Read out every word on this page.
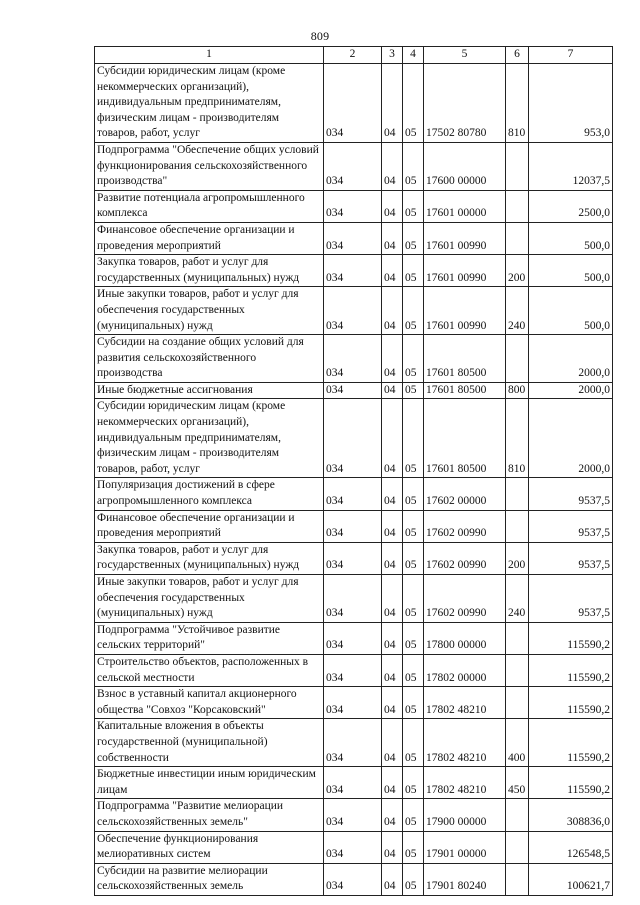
809
1	2	3	4	5	6	7
Субсидии юридическим лицам (кроме некоммерческих организаций), индивидуальным предпринимателям, физическим лицам - производителям товаров, работ, услуг	034	04	05	17502 80780	810	953,0
Подпрограмма "Обеспечение общих условий функционирования сельскохозяйственного производства"	034	04	05	17600 00000		12037,5
Развитие потенциала агропромышленного комплекса	034	04	05	17601 00000		2500,0
Финансовое обеспечение организации и проведения мероприятий	034	04	05	17601 00990		500,0
Закупка товаров, работ и услуг для государственных (муниципальных) нужд	034	04	05	17601 00990	200	500,0
Иные закупки товаров, работ и услуг для обеспечения государственных (муниципальных) нужд	034	04	05	17601 00990	240	500,0
Субсидии на создание общих условий для развития сельскохозяйственного производства	034	04	05	17601 80500		2000,0
Иные бюджетные ассигнования	034	04	05	17601 80500	800	2000,0
Субсидии юридическим лицам (кроме некоммерческих организаций), индивидуальным предпринимателям, физическим лицам - производителям товаров, работ, услуг	034	04	05	17601 80500	810	2000,0
Популяризация достижений в сфере агропромышленного комплекса	034	04	05	17602 00000		9537,5
Финансовое обеспечение организации и проведения мероприятий	034	04	05	17602 00990		9537,5
Закупка товаров, работ и услуг для государственных (муниципальных) нужд	034	04	05	17602 00990	200	9537,5
Иные закупки товаров, работ и услуг для обеспечения государственных (муниципальных) нужд	034	04	05	17602 00990	240	9537,5
Подпрограмма "Устойчивое развитие сельских территорий"	034	04	05	17800 00000		115590,2
Строительство объектов, расположенных в сельской местности	034	04	05	17802 00000		115590,2
Взнос в уставный капитал акционерного общества "Совхоз "Корсаковский"	034	04	05	17802 48210		115590,2
Капитальные вложения в объекты государственной (муниципальной) собственности	034	04	05	17802 48210	400	115590,2
Бюджетные инвестиции иным юридическим лицам	034	04	05	17802 48210	450	115590,2
Подпрограмма "Развитие мелиорации сельскохозяйственных земель"	034	04	05	17900 00000		308836,0
Обеспечение функционирования мелиоративных систем	034	04	05	17901 00000		126548,5
Субсидии на развитие мелиорации сельскохозяйственных земель	034	04	05	17901 80240		100621,7
